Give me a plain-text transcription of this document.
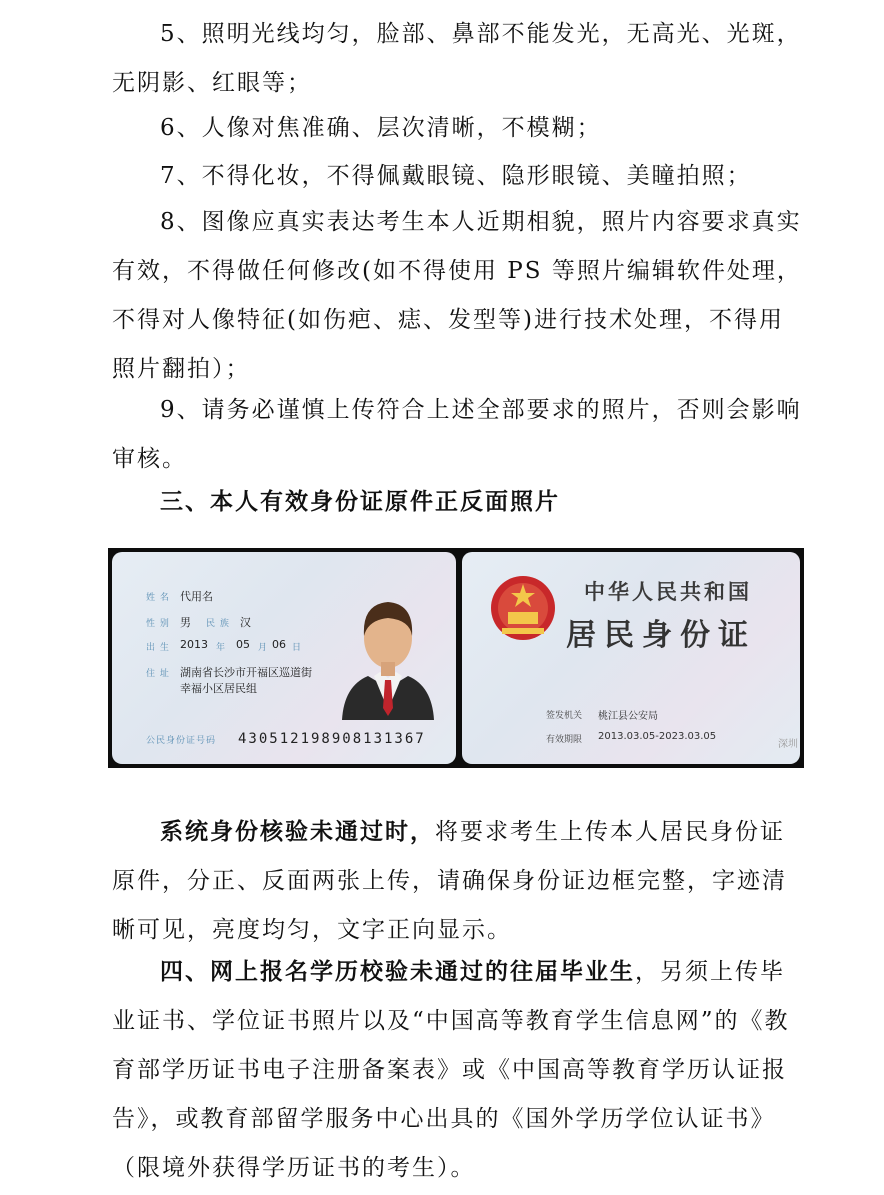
5、照明光线均匀，脸部、鼻部不能发光，无高光、光斑，无阴影、红眼等；

6、人像对焦准确、层次清晰，不模糊；

7、不得化妆，不得佩戴眼镜、隐形眼镜、美瞳拍照；

8、图像应真实表达考生本人近期相貌，照片内容要求真实有效，不得做任何修改(如不得使用 PS 等照片编辑软件处理，不得对人像特征(如伤疤、痣、发型等)进行技术处理，不得用照片翻拍）；

9、请务必谨慎上传符合上述全部要求的照片，否则会影响审核。

三、本人有效身份证原件正反面照片

姓 名 代用名
性 别 男 民 族 汉
出 生 2013 年 05 月 06 日
住 址 湖南省长沙市开福区巡道街
幸福小区居民组
公民身份证号码 430512198908131367
中华人民共和国
居民身份证
签发机关 桃江县公安局
有效期限 2013.03.05-2023.03.05
深圳

系统身份核验未通过时，将要求考生上传本人居民身份证原件，分正、反面两张上传，请确保身份证边框完整，字迹清晰可见，亮度均匀，文字正向显示。

四、网上报名学历校验未通过的往届毕业生，另须上传毕业证书、学位证书照片以及“中国高等教育学生信息网”的《教育部学历证书电子注册备案表》或《中国高等教育学历认证报告》，或教育部留学服务中心出具的《国外学历学位认证书》（限境外获得学历证书的考生）。
